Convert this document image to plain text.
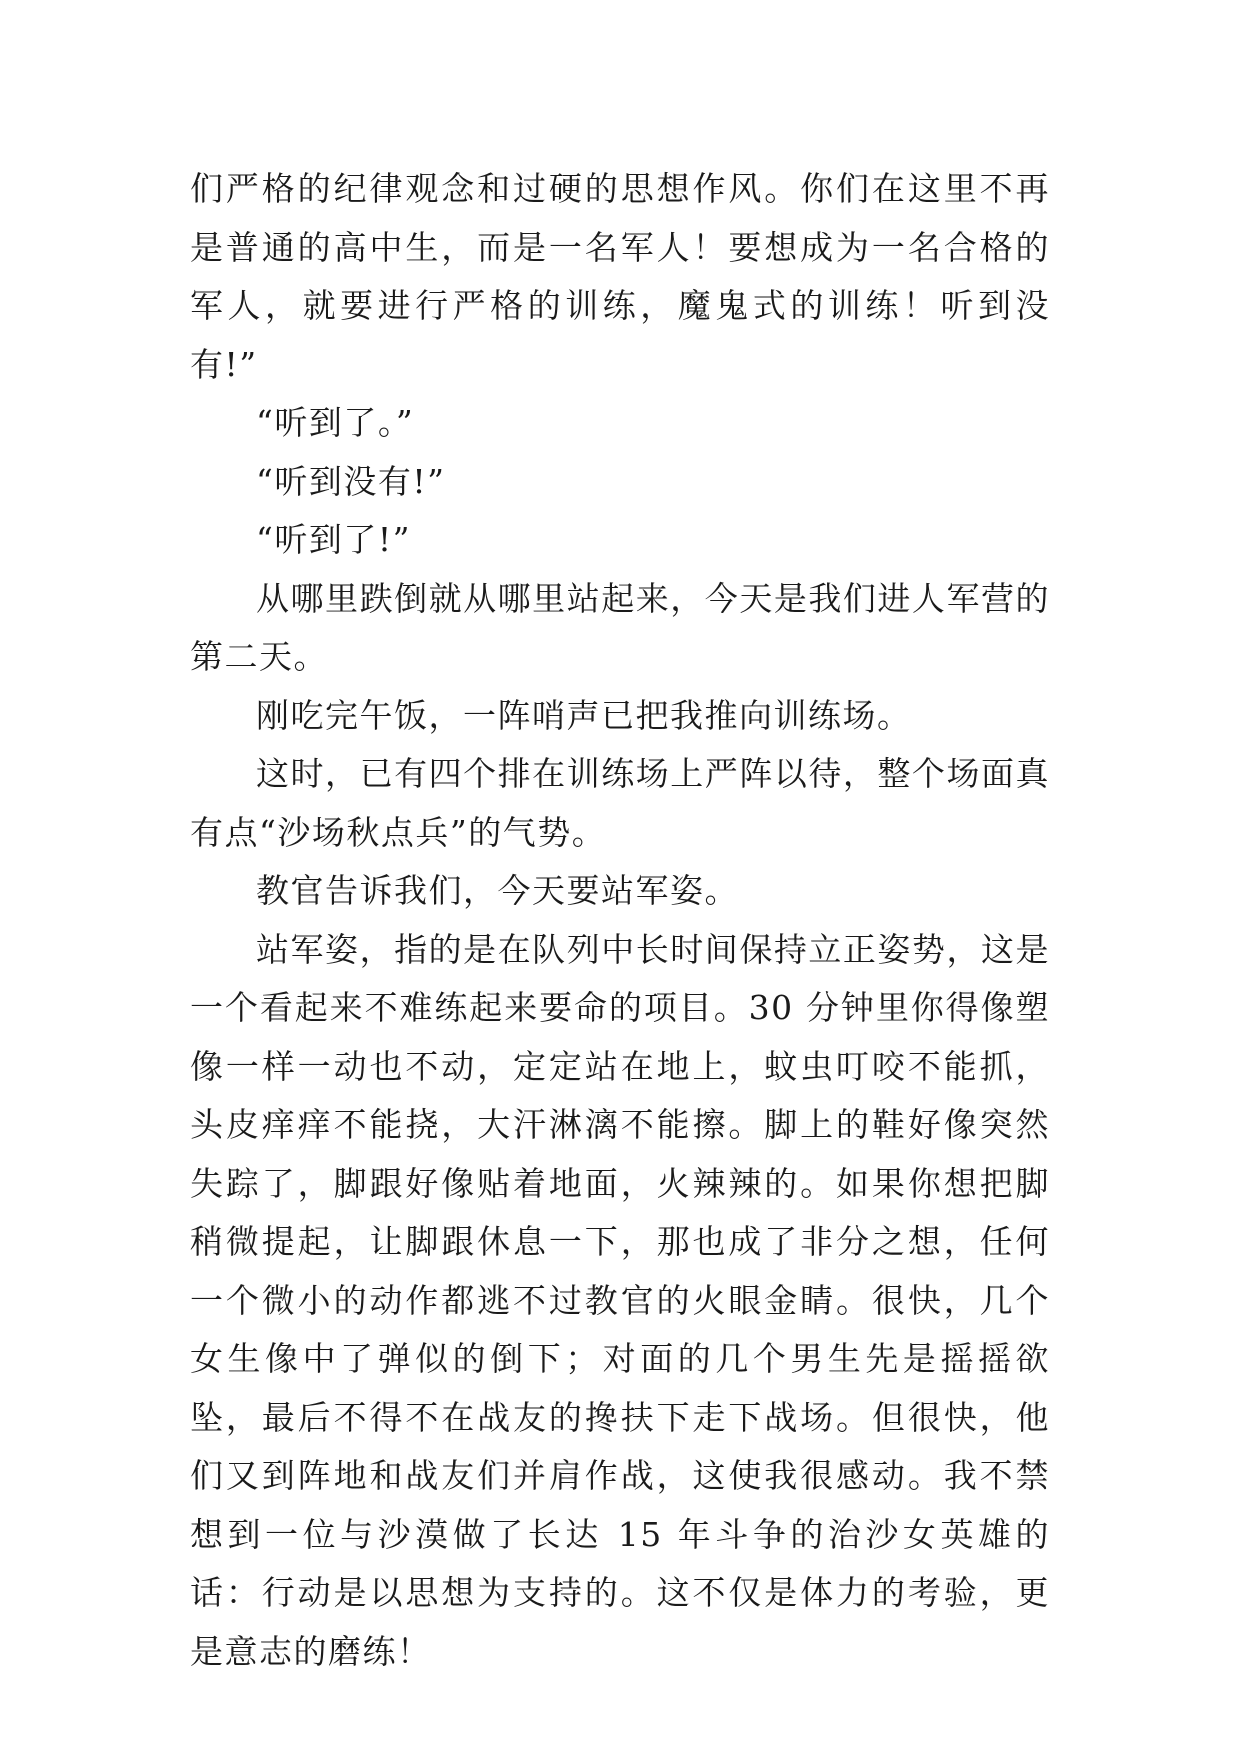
们严格的纪律观念和过硬的思想作风。你们在这里不再是普通的高中生，而是一名军人！要想成为一名合格的军人，就要进行严格的训练，魔鬼式的训练！听到没有!”

“听到了。”

“听到没有!”

“听到了!”

从哪里跌倒就从哪里站起来，今天是我们进人军营的第二天。

刚吃完午饭，一阵哨声已把我推向训练场。

这时，已有四个排在训练场上严阵以待，整个场面真有点“沙场秋点兵”的气势。

教官告诉我们，今天要站军姿。

站军姿，指的是在队列中长时间保持立正姿势，这是一个看起来不难练起来要命的项目。30 分钟里你得像塑像一样一动也不动，定定站在地上，蚊虫叮咬不能抓，头皮痒痒不能挠，大汗淋漓不能擦。脚上的鞋好像突然失踪了，脚跟好像贴着地面，火辣辣的。如果你想把脚稍微提起，让脚跟休息一下，那也成了非分之想，任何一个微小的动作都逃不过教官的火眼金睛。很快，几个女生像中了弹似的倒下；对面的几个男生先是摇摇欲坠，最后不得不在战友的搀扶下走下战场。但很快，他们又到阵地和战友们并肩作战，这使我很感动。我不禁想到一位与沙漠做了长达 15 年斗争的治沙女英雄的话：行动是以思想为支持的。这不仅是体力的考验，更是意志的磨练！
